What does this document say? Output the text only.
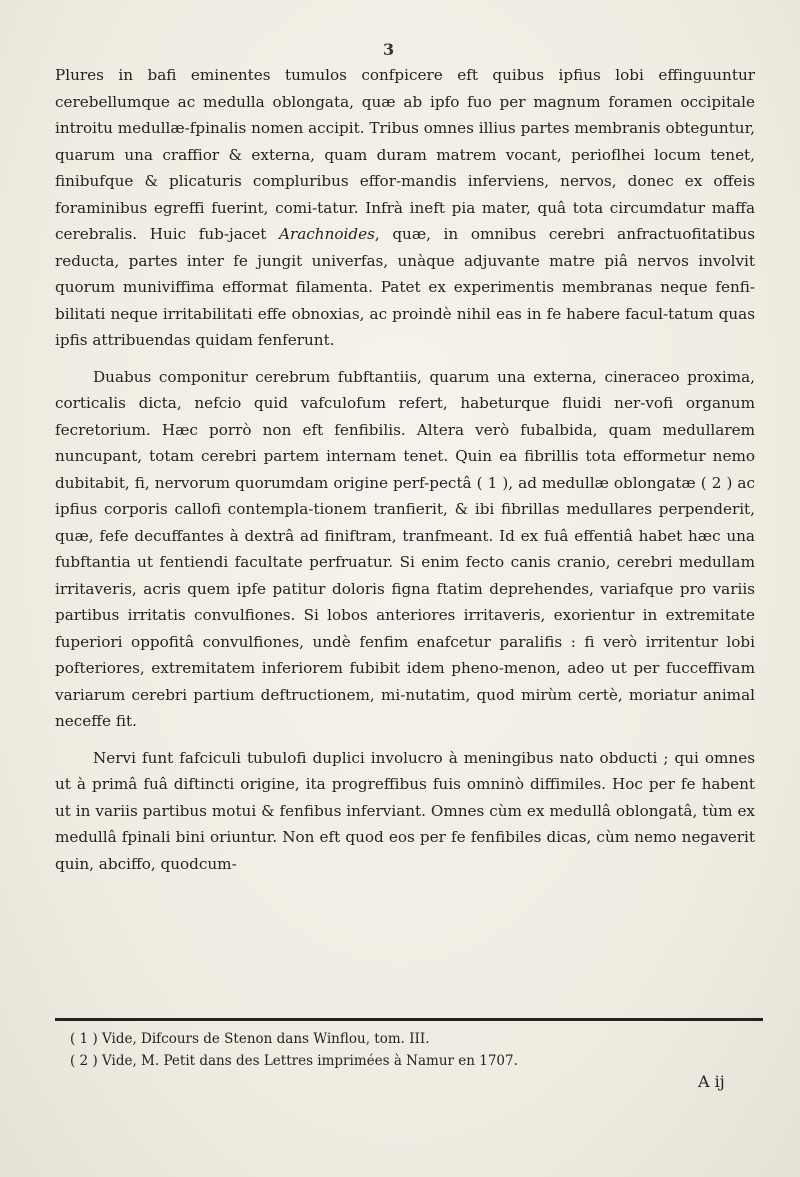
3

Plures in bafi eminentes tumulos confpicere eft quibus ipfius lobi effinguuntur cerebellumque ac medulla oblongata, quæ ab ipfo fuo per magnum foramen occipitale introitu medullæ-fpinalis nomen accipit. Tribus omnes illius partes membranis obteguntur, quarum una craffior & externa, quam duram matrem vocant, perioflhei locum tenet, finibufque & plicaturis compluribus effor-mandis inferviens, nervos, donec ex offeis foraminibus egreffi fuerint, comi-tatur. Infrà ineft pia mater, quâ tota circumdatur maffa cerebralis. Huic fub-jacet Arachnoides, quæ, in omnibus cerebri anfractuofitatibus reducta, partes inter fe jungit univerfas, unàque adjuvante matre piâ nervos involvit quorum muniviffima efformat filamenta. Patet ex experimentis membranas neque fenfi-bilitati neque irritabilitati effe obnoxias, ac proindè nihil eas in fe habere facul-tatum quas ipfis attribuendas quidam fenferunt.

Duabus componitur cerebrum fubftantiis, quarum una externa, cineraceo proxima, corticalis dicta, nefcio quid vafculofum refert, habeturque fluidi ner-vofi organum fecretorium. Hæc porrò non eft fenfibilis. Altera verò fubalbida, quam medullarem nuncupant, totam cerebri partem internam tenet. Quin ea fibrillis tota efformetur nemo dubitabit, fi, nervorum quorumdam origine perf-pectâ ( 1 ), ad medullæ oblongatæ ( 2 ) ac ipfius corporis callofi contempla-tionem tranfierit, & ibi fibrillas medullares perpenderit, quæ, fefe decuffantes à dextrâ ad finiftram, tranfmeant. Id ex fuâ effentiâ habet hæc una fubftantia ut fentiendi facultate perfruatur. Si enim fecto canis cranio, cerebri medullam irritaveris, acris quem ipfe patitur doloris figna ftatim deprehendes, variafque pro variis partibus irritatis convulfiones. Si lobos anteriores irritaveris, exorientur in extremitate fuperiori oppofitâ convulfiones, undè fenfim enafcetur paralifis : fi verò irritentur lobi pofteriores, extremitatem inferiorem fubibit idem pheno-menon, adeo ut per fucceffivam variarum cerebri partium deftructionem, mi-nutatim, quod mirùm certè, moriatur animal neceffe fit.

Nervi funt fafciculi tubulofi duplici involucro à meningibus nato obducti ; qui omnes ut à primâ fuâ diftincti origine, ita progreffibus fuis omninò diffimiles. Hoc per fe habent ut in variis partibus motui & fenfibus inferviant. Omnes cùm ex medullâ oblongatâ, tùm ex medullâ fpinali bini oriuntur. Non eft quod eos per fe fenfibiles dicas, cùm nemo negaverit quin, abciffo, quodcum-

( 1 ) Vide, Difcours de Stenon dans Winflou, tom. III.
( 2 ) Vide, M. Petit dans des Lettres imprimées à Namur en 1707.
A ij
